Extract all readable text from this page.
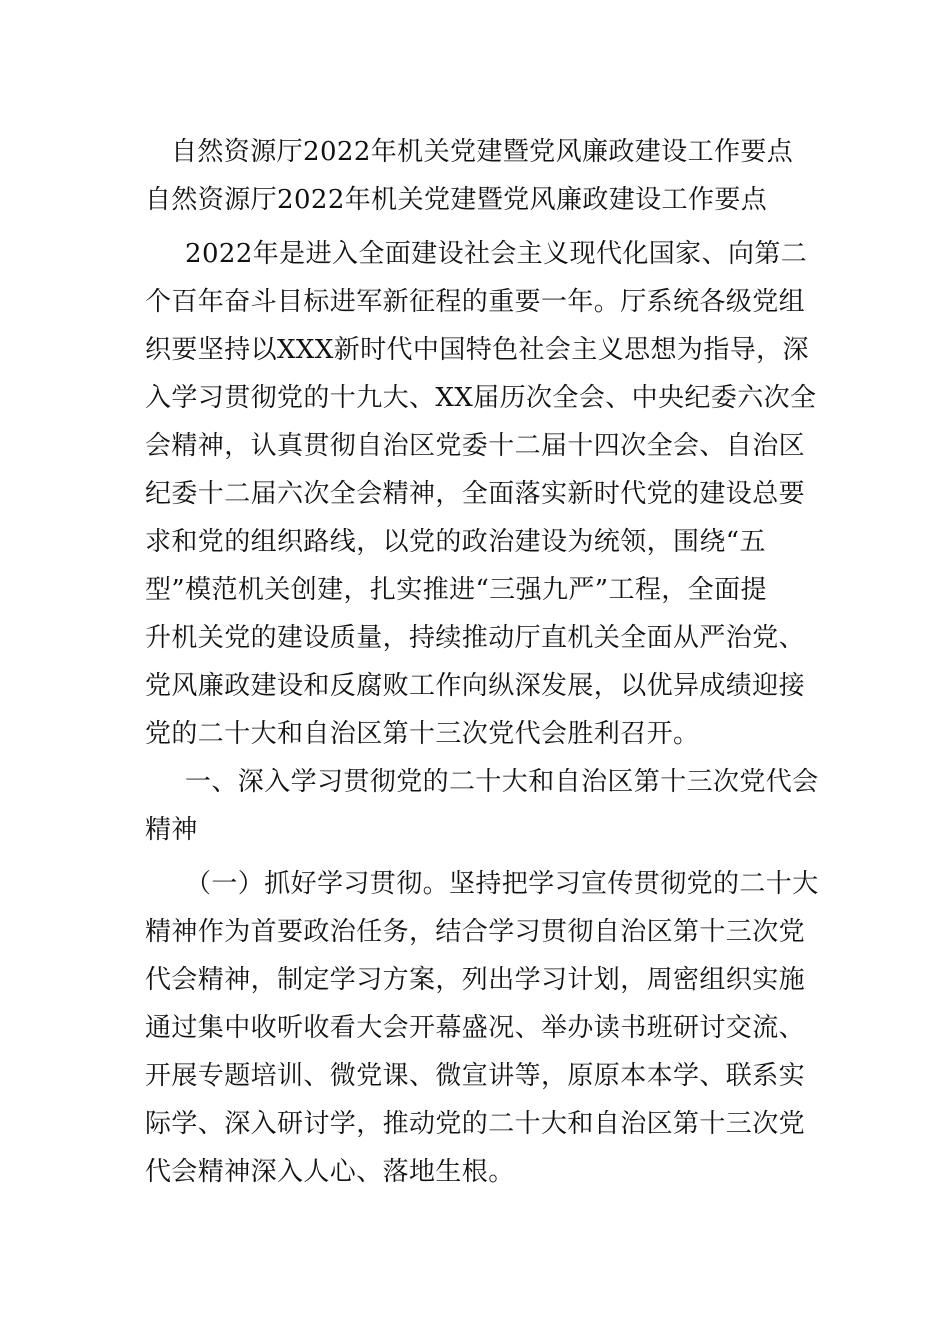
自然资源厅2022年机关党建暨党风廉政建设工作要点
自然资源厅2022年机关党建暨党风廉政建设工作要点
2022年是进入全面建设社会主义现代化国家、向第二
个百年奋斗目标进军新征程的重要一年。厅系统各级党组
织要坚持以XXX新时代中国特色社会主义思想为指导，深
入学习贯彻党的十九大、XX届历次全会、中央纪委六次全
会精神，认真贯彻自治区党委十二届十四次全会、自治区
纪委十二届六次全会精神，全面落实新时代党的建设总要
求和党的组织路线，以党的政治建设为统领，围绕“五
型”模范机关创建，扎实推进“三强九严”工程，全面提
升机关党的建设质量，持续推动厅直机关全面从严治党、
党风廉政建设和反腐败工作向纵深发展，以优异成绩迎接
党的二十大和自治区第十三次党代会胜利召开。
一、深入学习贯彻党的二十大和自治区第十三次党代会
精神
（一）抓好学习贯彻。坚持把学习宣传贯彻党的二十大
精神作为首要政治任务，结合学习贯彻自治区第十三次党
代会精神，制定学习方案，列出学习计划，周密组织实施
通过集中收听收看大会开幕盛况、举办读书班研讨交流、
开展专题培训、微党课、微宣讲等，原原本本学、联系实
际学、深入研讨学，推动党的二十大和自治区第十三次党
代会精神深入人心、落地生根。
